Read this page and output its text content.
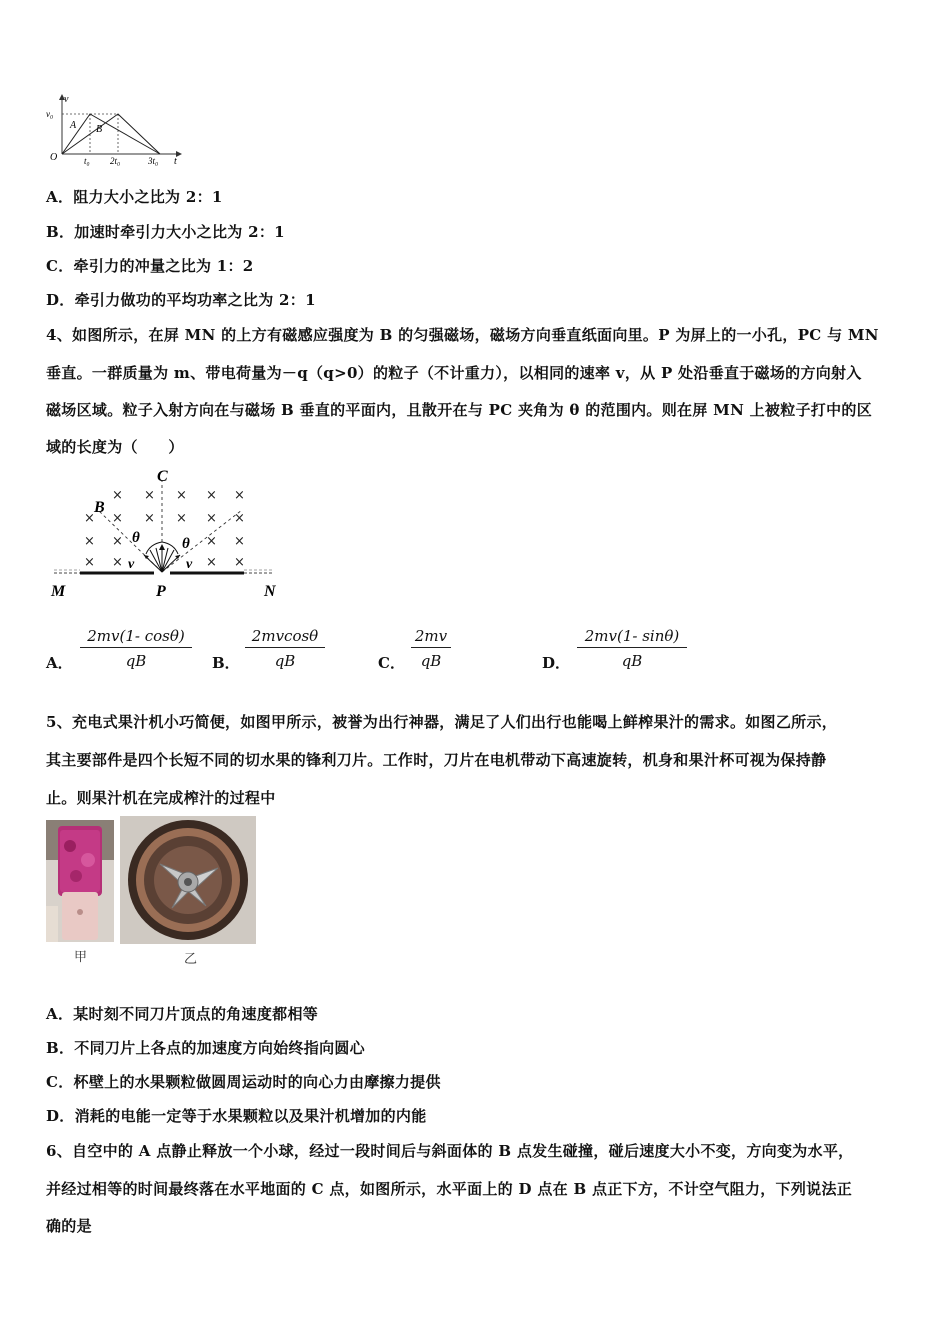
v
t
O
v₀
A B
t₀ 2t₀	3t₀
A．阻力大小之比为 2：1
B．加速时牵引力大小之比为 2：1
C．牵引力的冲量之比为 1：2
D．牵引力做功的平均功率之比为 2：1
4、如图所示，在屏 MN 的上方有磁感应强度为 B 的匀强磁场，磁场方向垂直纸面向里。P 为屏上的一小孔，PC 与 MN
垂直。一群质量为 m、带电荷量为－q（q>0）的粒子（不计重力），以相同的速率 v，从 P 处沿垂直于磁场的方向射入
磁场区域。粒子入射方向在与磁场 B 垂直的平面内，且散开在与 PC 夹角为 θ 的范围内。则在屏 MN 上被粒子打中的区
域的长度为（　　）
× × × × ×
× × × × × ×
× ×	× ×
× ×	× ×
C
B
θ	θ
v	v
M	P	N
A． $\frac{2mv(1- \cos\theta)}{qB}$ B． $\frac{2mvcos\theta}{qB}$	C． $\frac{2mv}{qB}$	D． $\frac{2mv(1- \sin\theta)}{qB}$
5、充电式果汁机小巧简便，如图甲所示，被誉为出行神器，满足了人们出行也能喝上鲜榨果汁的需求。如图乙所示，
其主要部件是四个长短不同的切水果的锋利刀片。工作时，刀片在电机带动下高速旋转，机身和果汁杯可视为保持静
止。则果汁机在完成榨汁的过程中
甲	乙
A．某时刻不同刀片顶点的角速度都相等
B．不同刀片上各点的加速度方向始终指向圆心
C．杯壁上的水果颗粒做圆周运动时的向心力由摩擦力提供
D．消耗的电能一定等于水果颗粒以及果汁机增加的内能
6、自空中的 A 点静止释放一个小球，经过一段时间后与斜面体的 B 点发生碰撞，碰后速度大小不变，方向变为水平，
并经过相等的时间最终落在水平地面的 C 点，如图所示，水平面上的 D 点在 B 点正下方，不计空气阻力，下列说法正
确的是
